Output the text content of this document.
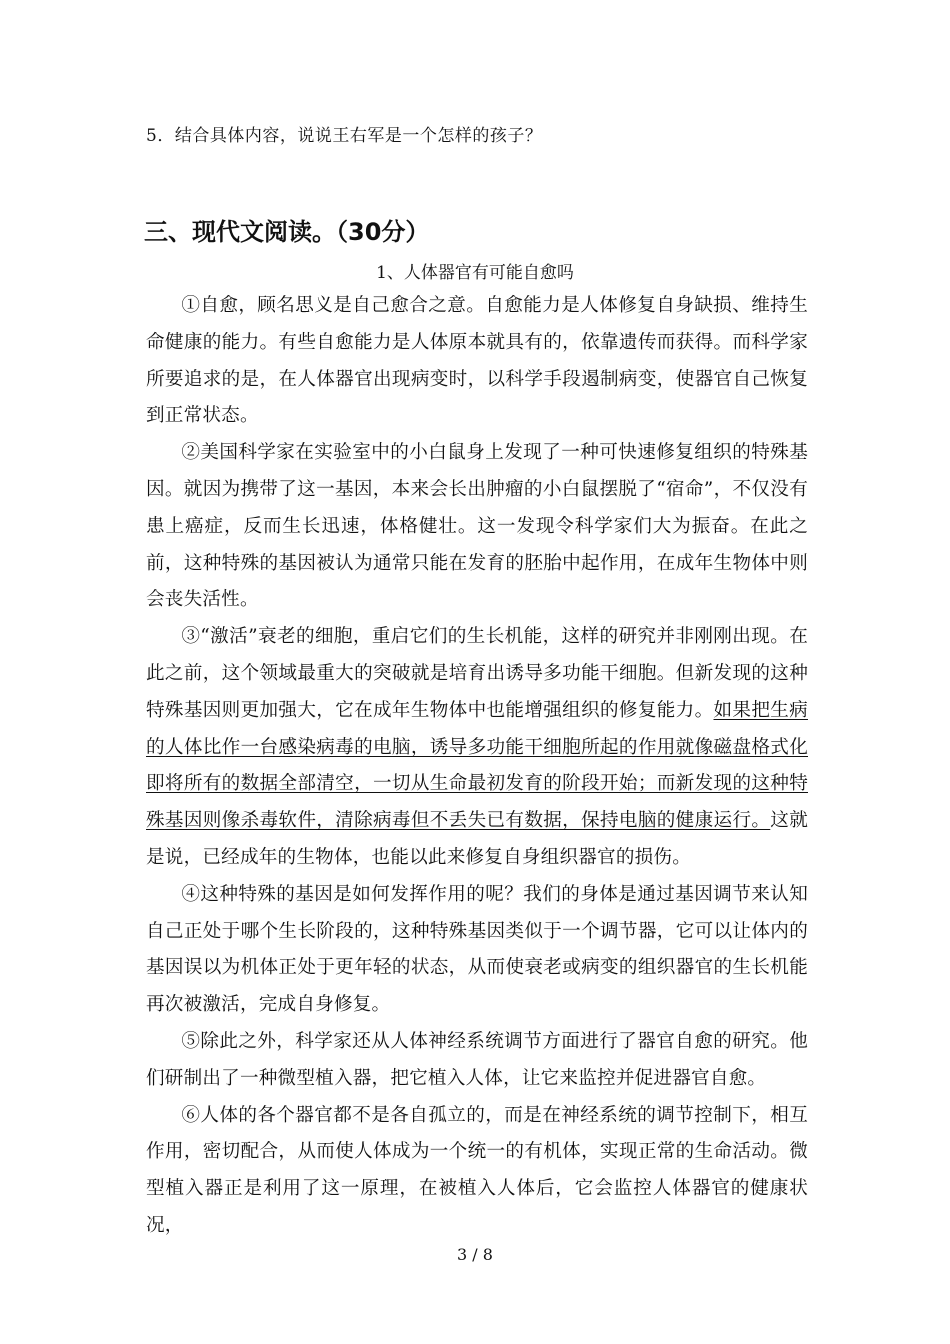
5．结合具体内容，说说王右军是一个怎样的孩子？
三、现代文阅读。（30分）
1、人体器官有可能自愈吗

①自愈，顾名思义是自己愈合之意。自愈能力是人体修复自身缺损、维持生命健康的能力。有些自愈能力是人体原本就具有的，依靠遗传而获得。而科学家所要追求的是，在人体器官出现病变时，以科学手段遏制病变，使器官自己恢复到正常状态。

②美国科学家在实验室中的小白鼠身上发现了一种可快速修复组织的特殊基因。就因为携带了这一基因，本来会长出肿瘤的小白鼠摆脱了“宿命”，不仅没有患上癌症，反而生长迅速，体格健壮。这一发现令科学家们大为振奋。在此之前，这种特殊的基因被认为通常只能在发育的胚胎中起作用，在成年生物体中则会丧失活性。

③“激活”衰老的细胞，重启它们的生长机能，这样的研究并非刚刚出现。在此之前，这个领域最重大的突破就是培育出诱导多功能干细胞。但新发现的这种特殊基因则更加强大，它在成年生物体中也能增强组织的修复能力。如果把生病的人体比作一台感染病毒的电脑，诱导多功能干细胞所起的作用就像磁盘格式化即将所有的数据全部清空，一切从生命最初发育的阶段开始；而新发现的这种特殊基因则像杀毒软件，清除病毒但不丢失已有数据，保持电脑的健康运行。这就是说，已经成年的生物体，也能以此来修复自身组织器官的损伤。

④这种特殊的基因是如何发挥作用的呢？我们的身体是通过基因调节来认知自己正处于哪个生长阶段的，这种特殊基因类似于一个调节器，它可以让体内的基因误以为机体正处于更年轻的状态，从而使衰老或病变的组织器官的生长机能再次被激活，完成自身修复。

⑤除此之外，科学家还从人体神经系统调节方面进行了器官自愈的研究。他们研制出了一种微型植入器，把它植入人体，让它来监控并促进器官自愈。

⑥人体的各个器官都不是各自孤立的，而是在神经系统的调节控制下，相互作用，密切配合，从而使人体成为一个统一的有机体，实现正常的生命活动。微型植入器正是利用了这一原理，在被植入人体后，它会监控人体器官的健康状况，

3 / 8
